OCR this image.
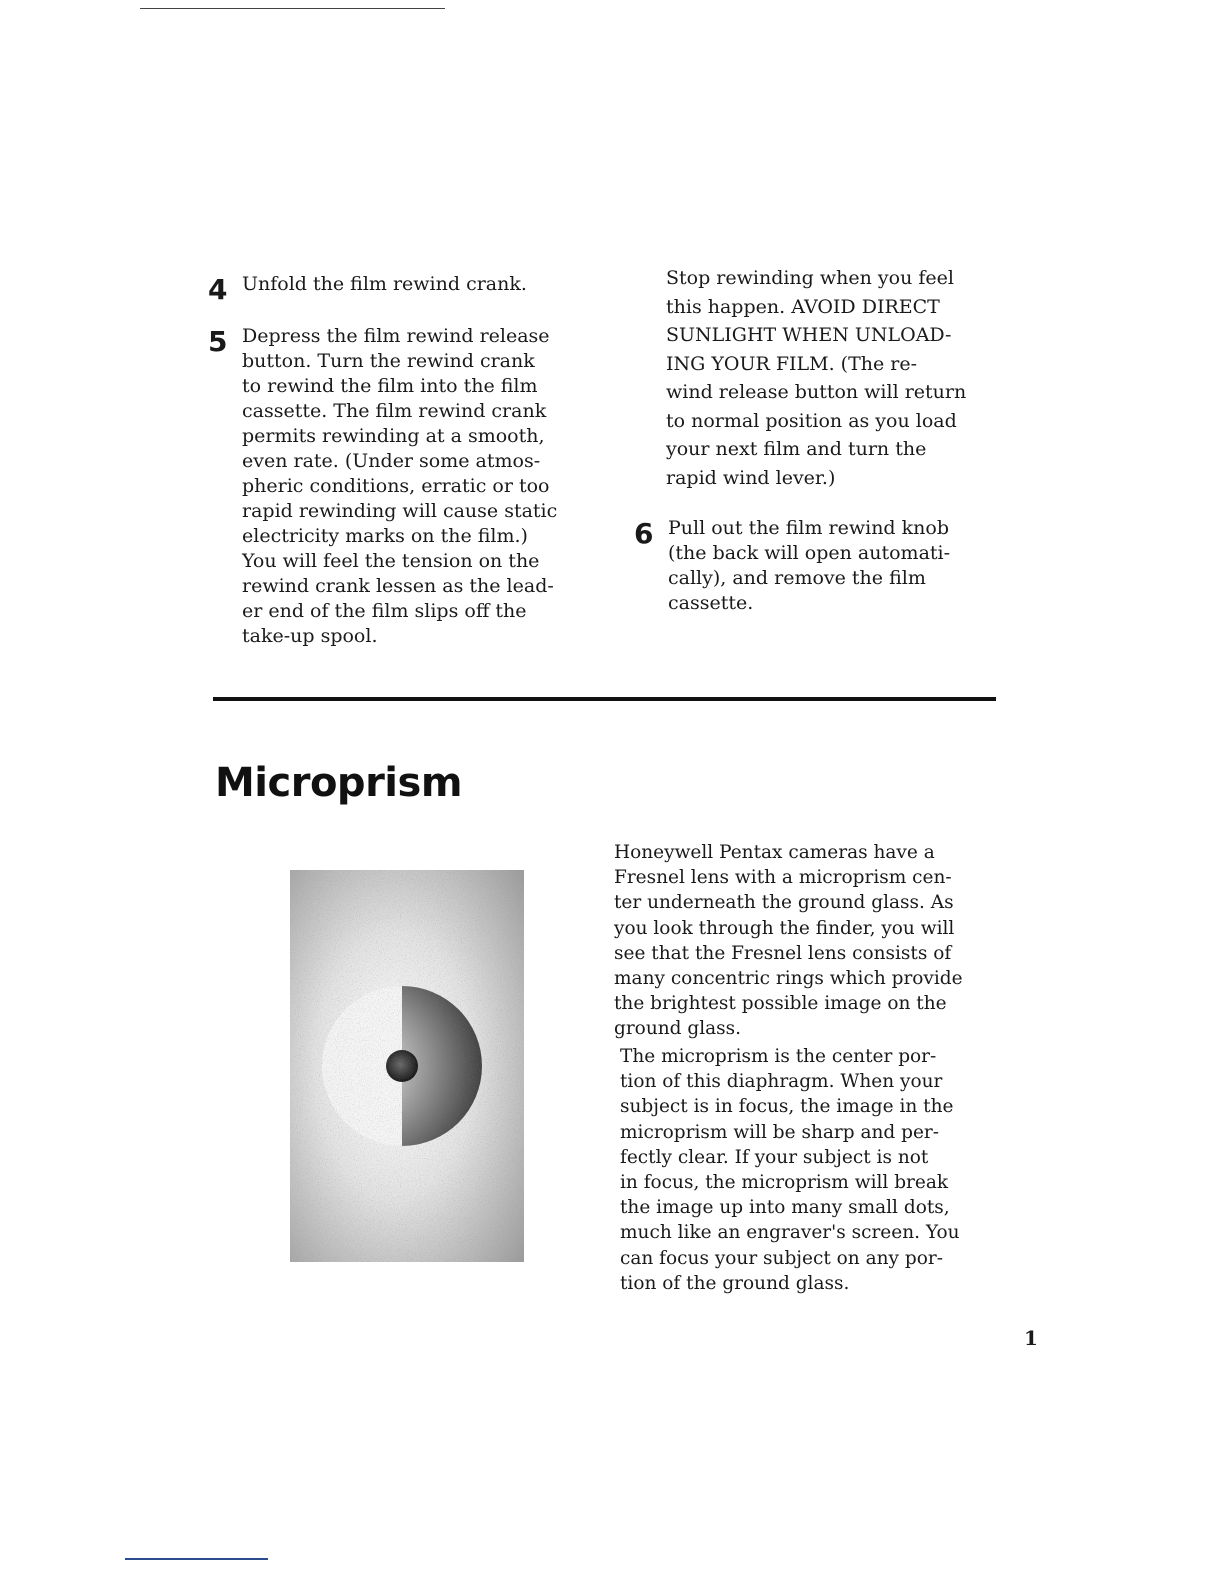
4 Unfold the film rewind crank.
5 Depress the film rewind release
button. Turn the rewind crank
to rewind the film into the film
cassette. The film rewind crank
permits rewinding at a smooth,
even rate. (Under some atmos-
pheric conditions, erratic or too
rapid rewinding will cause static
electricity marks on the film.)
You will feel the tension on the
rewind crank lessen as the lead-
er end of the film slips off the
take-up spool.
Stop rewinding when you feel
this happen. AVOID DIRECT
SUNLIGHT WHEN UNLOAD-
ING YOUR FILM. (The re-
wind release button will return
to normal position as you load
your next film and turn the
rapid wind lever.)
6 Pull out the film rewind knob
(the back will open automati-
cally), and remove the film
cassette.
Microprism

Honeywell Pentax cameras have a
Fresnel lens with a microprism cen-
ter underneath the ground glass. As
you look through the finder, you will
see that the Fresnel lens consists of
many concentric rings which provide
the brightest possible image on the
ground glass.

The microprism is the center por-
tion of this diaphragm. When your
subject is in focus, the image in the
microprism will be sharp and per-
fectly clear. If your subject is not
in focus, the microprism will break
the image up into many small dots,
much like an engraver's screen. You
can focus your subject on any por-
tion of the ground glass.

1
